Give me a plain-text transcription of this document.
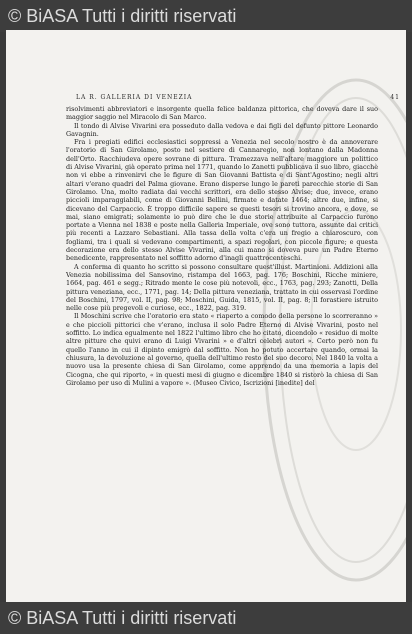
© BiASA Tutti i diritti riservati
LA R. GALLERIA DI VENEZIA	41

risolvimenti abbreviatori e insorgente quella felice baldanza pittorica, che doveva dare il suo maggior saggio nel Miracolo di San Marco.

Il tondo di Alvise Vivarini era posseduto dalla vedova e dai figli del defunto pittore Leonardo Gavagnin.

Fra i pregiati edifici ecclesiastici soppressi a Venezia nel secolo nostro è da annoverare l'oratorio di San Girolamo, posto nel sestiere di Cannaregio, non lontano dalla Madonna dell'Orto. Racchiudeva opere sovrane di pittura. Tramezzava nell'altare maggiore un polittico di Alvise Vivarini, già operato prima nel 1771, quando lo Zanetti pubblicava il suo libro, giacchè non vi ebbe a rinvenirvi che le figure di San Giovanni Battista e di Sant'Agostino; negli altri altari v'erano quadri del Palma giovane. Erano disperse lungo le pareti parecchie storie di San Girolamo. Una, molto radiata dai vecchi scrittori, era dello stesso Alvise; due, invece, erano piccioli imparaggiabili, come di Giovanni Bellini, firmate e datate 1464; altre due, infine, si dicevano del Carpaccio. È troppo difficile sapere se questi tesori si trovino ancora, e dove, se mai, siano emigrati; solamente io può dire che le due storie attribuite al Carpaccio furono portate a Vienna nel 1838 e poste nella Galleria Imperiale, ove sono tuttora, assunte dai critici più recenti a Lazzaro Sebastiani. Alla tassa della volta c'era un fregio a chiaroscuro, con fogliami, tra i quali si vedevano compartimenti, a spazi regolari, con piccole figure; e questa decorazione era dello stesso Alvise Vivarini, alla cui mano si doveva pure un Padre Eterno benedicente, rappresentato nel soffitto adorno d'inagli quattrocenteschi.

A conferma di quanto ho scritto si possono consultare quest'illust. Martinioni. Addizioni alla Venezia nobilissima del Sansovino, ristampa del 1663, pag. 176; Boschini, Ricche miniere, 1664, pag. 461 e segg.; Ritrado mente le cose più notevoli, ecc., 1763, pag. 293; Zanotti, Della pittura veneziana, ecc., 1771, pag. 14; Della pittura veneziana, trattato in cui osservasi l'ordine del Boschini, 1797, vol. II, pag. 98; Moschini, Guida, 1815, vol. II, pag. 8; Il forastiere istruito nelle cose più pregevoli e curiose, ecc., 1822, pag. 319.

Il Moschini scrive che l'oratorio era stato « riaperto a comodo della persone lo scorreranno » e che piccioli pittorici che v'erano, inclusa il solo Padre Eterno di Alvise Vivarini, posto nel soffitto. Lo indica egualmente nel 1822 l'ultimo libro che ho citato, dicendolo « residuo di molte altre pitture che quivi erano di Luigi Vivarini » e d'altri celebri autori ». Certo però non fu quello l'anno in cui il dipinto emigrò dal soffitto. Non ho potuto accertare quando, ormai la chiusura, la devoluzione al governo, quella dell'ultimo resto del suo decoro. Nel 1840 la volta a nuovo usa la presente chiesa di San Girolamo, come apprendo da una memoria a lapis del Cicogna, che qui riporto, « in questi mesi di giugno e dicembre 1840 si ristorò la chiesa di San Girolamo per uso di Mulini a vapore ». (Museo Civico, Iscrizioni [inedite] del

© BiASA Tutti i diritti riservati
